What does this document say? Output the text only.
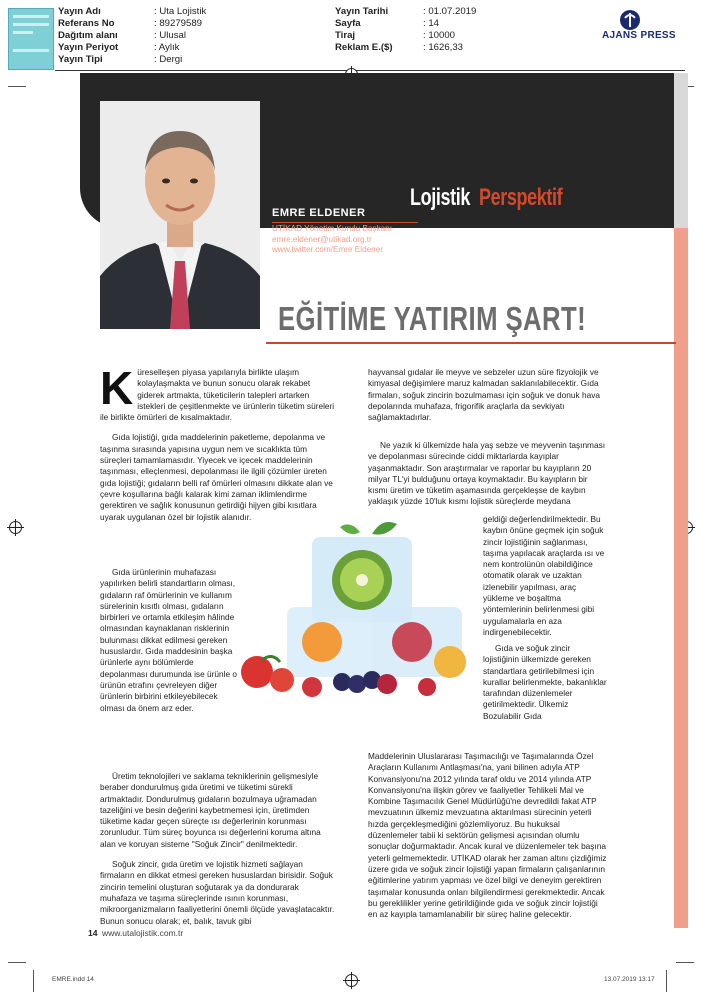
Yayın Adı	: Uta Lojistik
Referans No	: 89279589
Dağıtım alanı	: Ulusal
Yayın Periyot	: Aylık
Yayın Tipi	: Dergi
Yayın Tarihi	: 01.07.2019
Sayfa	: 14
Tiraj	: 10000
Reklam E.($)	: 1626,33
AJANS PRESS
Lojistik Perspektif
EMRE ELDENER
UTİKAD Yönetim Kurulu Başkanı
emre.eldener@utikad.org.tr
www.twitter.com/Emre Eldener
EĞİTİME YATIRIM ŞART!

Küreselleşen piyasa yapılarıyla birlikte ulaşım kolaylaşmakta ve bunun sonucu olarak rekabet giderek artmakta, tüketicilerin talepleri artarken istekleri de çeşitlenmekte ve ürünlerin tüketim süreleri ile birlikte ömürleri de kısalmaktadır.

Gıda lojistiği, gıda maddelerinin paketleme, depolanma ve taşınma sırasında yapısına uygun nem ve sıcaklıkta tüm süreçleri tamamlamasıdır. Yiyecek ve içecek maddelerinin taşınması, elleçlenmesi, depolanması ile ilgili çözümler üreten gıda lojistiği; gıdaların belli raf ömürleri olmasını dikkate alan ve çevre koşullarına bağlı kalarak kimi zaman iklimlendirme gerektiren ve sağlık konusunun getirdiği hijyen gibi kısıtlara uyarak uygulanan özel bir lojistik alanıdır.

Gıda ürünlerinin muhafazası yapılırken belirli standartların olması, gıdaların raf ömürlerinin ve kullanım sürelerinin kısıtlı olması, gıdaların birbirleri ve ortamla etkileşim hâlinde olmasından kaynaklanan risklerinin bulunması dikkat edilmesi gereken hususlardır. Gıda maddesinin başka ürünlerle aynı bölümlerde depolanması durumunda ise ürünle o ürünün etrafını çevreleyen diğer ürünlerin birbirini etkileyebilecek olması da önem arz eder.

Üretim teknolojileri ve saklama tekniklerinin gelişmesiyle beraber dondurulmuş gıda üretimi ve tüketimi sürekli artmaktadır. Dondurulmuş gıdaların bozulmaya uğramadan tazeliğini ve besin değerini kaybetmemesi için, üretimden tüketime kadar geçen süreçte ısı değerlerinin korunması zorunludur. Tüm süreç boyunca ısı değerlerini koruma altına alan ve koruyan sisteme "Soğuk Zincir" denilmektedir.

Soğuk zincir, gıda üretim ve lojistik hizmeti sağlayan firmaların en dikkat etmesi gereken hususlardan birisidir. Soğuk zincirin temelini oluşturan soğutarak ya da dondurarak muhafaza ve taşıma süreçlerinde ısının korunması, mikroorganizmaların faaliyetlerini önemli ölçüde yavaşlatacaktır. Bunun sonucu olarak; et, balık, tavuk gibi

hayvansal gıdalar ile meyve ve sebzeler uzun süre fizyolojik ve kimyasal değişimlere maruz kalmadan saklanılabilecektir. Gıda firmaları, soğuk zincirin bozulmaması için soğuk ve donuk hava depolarında muhafaza, frigorifik araçlarla da sevkiyatı sağlamaktadırlar.

Ne yazık ki ülkemizde hala yaş sebze ve meyvenin taşınması ve depolanması sürecinde ciddi miktarlarda kayıplar yaşanmaktadır. Son araştırmalar ve raporlar bu kayıpların 20 milyar TL'yi bulduğunu ortaya koymaktadır. Bu kayıpların bir kısmı üretim ve tüketim aşamasında gerçekleşse de kaybın yaklaşık yüzde 10'luk kısmı lojistik süreçlerde meydana

geldiği değerlendirilmektedir. Bu kaybın önüne geçmek için soğuk zincir lojistiğinin sağlanması, taşıma yapılacak araçlarda ısı ve nem kontrolünün olabildiğince otomatik olarak ve uzaktan izlenebilir yapılması, araç yükleme ve boşaltma yöntemlerinin belirlenmesi gibi uygulamalarla en aza indirgenebilecektir.

Gıda ve soğuk zincir lojistiğinin ülkemizde gereken standartlara getirilebilmesi için kurallar belirlenmekte, bakanlıklar tarafından düzenlemeler getirilmektedir. Ülkemiz Bozulabilir Gıda

Maddelerinin Uluslararası Taşımacılığı ve Taşımalarında Özel Araçların Kullanımı Antlaşması'na, yani bilinen adıyla ATP Konvansiyonu'na 2012 yılında taraf oldu ve 2014 yılında ATP Konvansiyonu'na ilişkin görev ve faaliyetler Tehlikeli Mal ve Kombine Taşımacılık Genel Müdürlüğü'ne devredildi fakat ATP mevzuatının ülkemiz mevzuatına aktarılması sürecinin yeterli hızda gerçekleşmediğini gözlemliyoruz. Bu hukuksal düzenlemeler tabii ki sektörün gelişmesi açısından olumlu sonuçlar doğurmaktadır. Ancak kural ve düzenlemeler tek başına yeterli gelmemektedir. UTİKAD olarak her zaman altını çizdiğimiz üzere gıda ve soğuk zincir lojistiği yapan firmaların çalışanlarının eğitimlerine yatırım yapması ve özel bilgi ve deneyim gerektiren taşımalar konusunda onları bilgilendirmesi gerekmektedir. Ancak bu gereklilikler yerine getirildiğinde gıda ve soğuk zincir lojistiği en az kayıpla tamamlanabilir bir süreç haline gelecektir.

14 www.utalojistik.com.tr
EMRE.indd 14	13.07.2019 13:17
